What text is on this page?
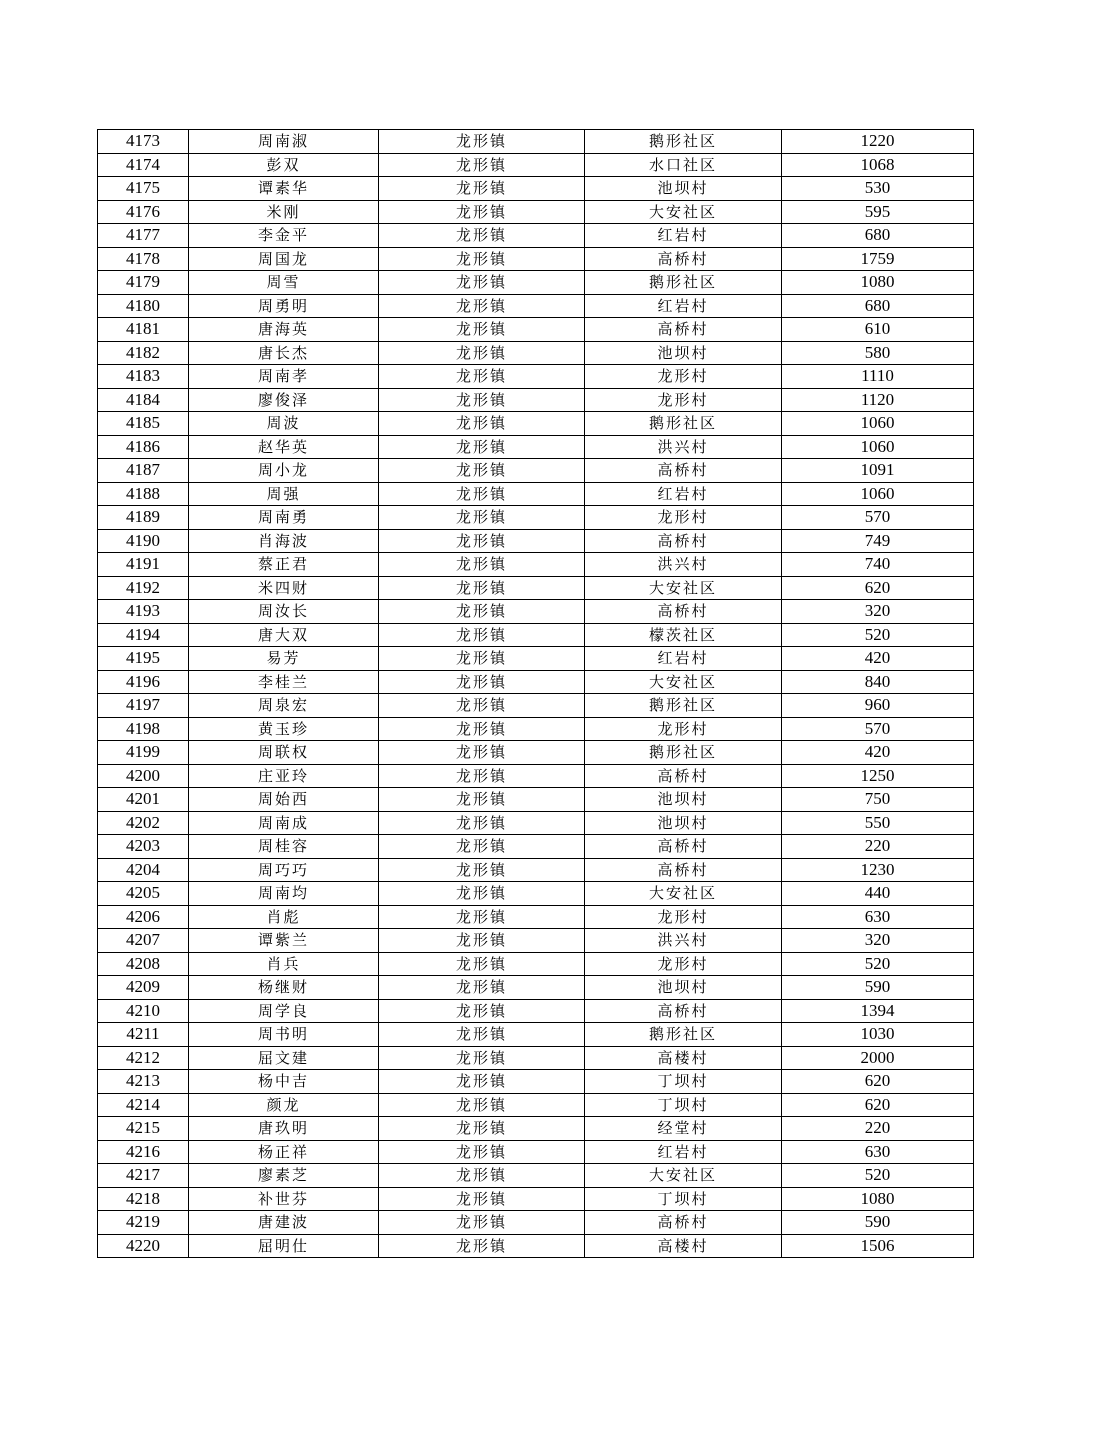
4173	周南淑	龙形镇	鹅形社区	1220
4174	彭双	龙形镇	水口社区	1068
4175	谭素华	龙形镇	池坝村	530
4176	米刚	龙形镇	大安社区	595
4177	李金平	龙形镇	红岩村	680
4178	周国龙	龙形镇	高桥村	1759
4179	周雪	龙形镇	鹅形社区	1080
4180	周勇明	龙形镇	红岩村	680
4181	唐海英	龙形镇	高桥村	610
4182	唐长杰	龙形镇	池坝村	580
4183	周南孝	龙形镇	龙形村	1110
4184	廖俊泽	龙形镇	龙形村	1120
4185	周波	龙形镇	鹅形社区	1060
4186	赵华英	龙形镇	洪兴村	1060
4187	周小龙	龙形镇	高桥村	1091
4188	周强	龙形镇	红岩村	1060
4189	周南勇	龙形镇	龙形村	570
4190	肖海波	龙形镇	高桥村	749
4191	蔡正君	龙形镇	洪兴村	740
4192	米四财	龙形镇	大安社区	620
4193	周汝长	龙形镇	高桥村	320
4194	唐大双	龙形镇	檬茨社区	520
4195	易芳	龙形镇	红岩村	420
4196	李桂兰	龙形镇	大安社区	840
4197	周泉宏	龙形镇	鹅形社区	960
4198	黄玉珍	龙形镇	龙形村	570
4199	周联权	龙形镇	鹅形社区	420
4200	庄亚玲	龙形镇	高桥村	1250
4201	周始西	龙形镇	池坝村	750
4202	周南成	龙形镇	池坝村	550
4203	周桂容	龙形镇	高桥村	220
4204	周巧巧	龙形镇	高桥村	1230
4205	周南均	龙形镇	大安社区	440
4206	肖彪	龙形镇	龙形村	630
4207	谭紫兰	龙形镇	洪兴村	320
4208	肖兵	龙形镇	龙形村	520
4209	杨继财	龙形镇	池坝村	590
4210	周学良	龙形镇	高桥村	1394
4211	周书明	龙形镇	鹅形社区	1030
4212	屈文建	龙形镇	高楼村	2000
4213	杨中吉	龙形镇	丁坝村	620
4214	颜龙	龙形镇	丁坝村	620
4215	唐玖明	龙形镇	经堂村	220
4216	杨正祥	龙形镇	红岩村	630
4217	廖素芝	龙形镇	大安社区	520
4218	补世芬	龙形镇	丁坝村	1080
4219	唐建波	龙形镇	高桥村	590
4220	屈明仕	龙形镇	高楼村	1506
